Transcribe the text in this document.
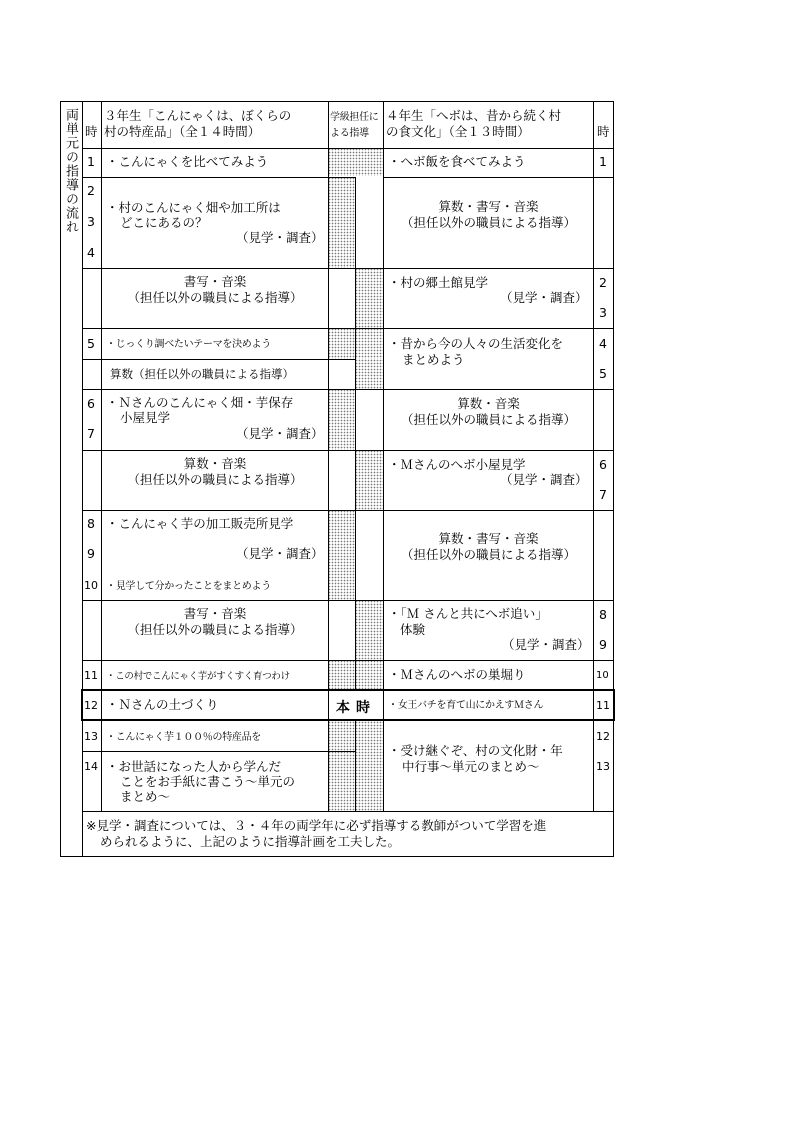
両単元の指導の流れ 時
３年生「こんにゃくは、ぼくらの
村の特産品」（全１４時間）
学級担任に
よる指導
４年生「へボは、昔から続く村
の食文化」（全１３時間）	時
1
2
3
4
5
6
7
8
9
10
11
12
13
14
・こんにゃくを比べてみよう
・村のこんにゃく畑や加工所は
どこにあるの？
（見学・調査）
書写・音楽
（担任以外の職員による指導）
・じっくり調べたいテーマを決めよう
算数（担任以外の職員による指導）
・Ｎさんのこんにゃく畑・芋保存
小屋見学
（見学・調査）
算数・音楽
（担任以外の職員による指導）
・こんにゃく芋の加工販売所見学
（見学・調査）
・見学して分かったことをまとめよう
書写・音楽
（担任以外の職員による指導）
・この村でこんにゃく芋がすくすく育つわけ
・Ｎさんの土づくり
・こんにゃく芋１００％の特産品を
・お世話になった人から学んだ
ことをお手紙に書こう～単元の
まとめ～
本時
・へボ飯を食べてみよう
算数・書写・音楽
（担任以外の職員による指導）
・村の郷土館見学
（見学・調査）
・昔から今の人々の生活変化を
まとめよう
算数・音楽
（担任以外の職員による指導）
・Ｍさんのへボ小屋見学
（見学・調査）
算数・書写・音楽
（担任以外の職員による指導）
・「Ｍ さんと共にへボ追い」
体験
（見学・調査）
・Ｍさんのへボの巣堀り
・女王バチを育て山にかえすＭさん
・受け継ぐぞ、村の文化財・年
中行事～単元のまとめ～
1
2
3
4
5
6
7
8
9
10
11
12
13
※見学・調査については、３・４年の両学年に必ず指導する教師がついて学習を進
められるように、上記のように指導計画を工夫した。
